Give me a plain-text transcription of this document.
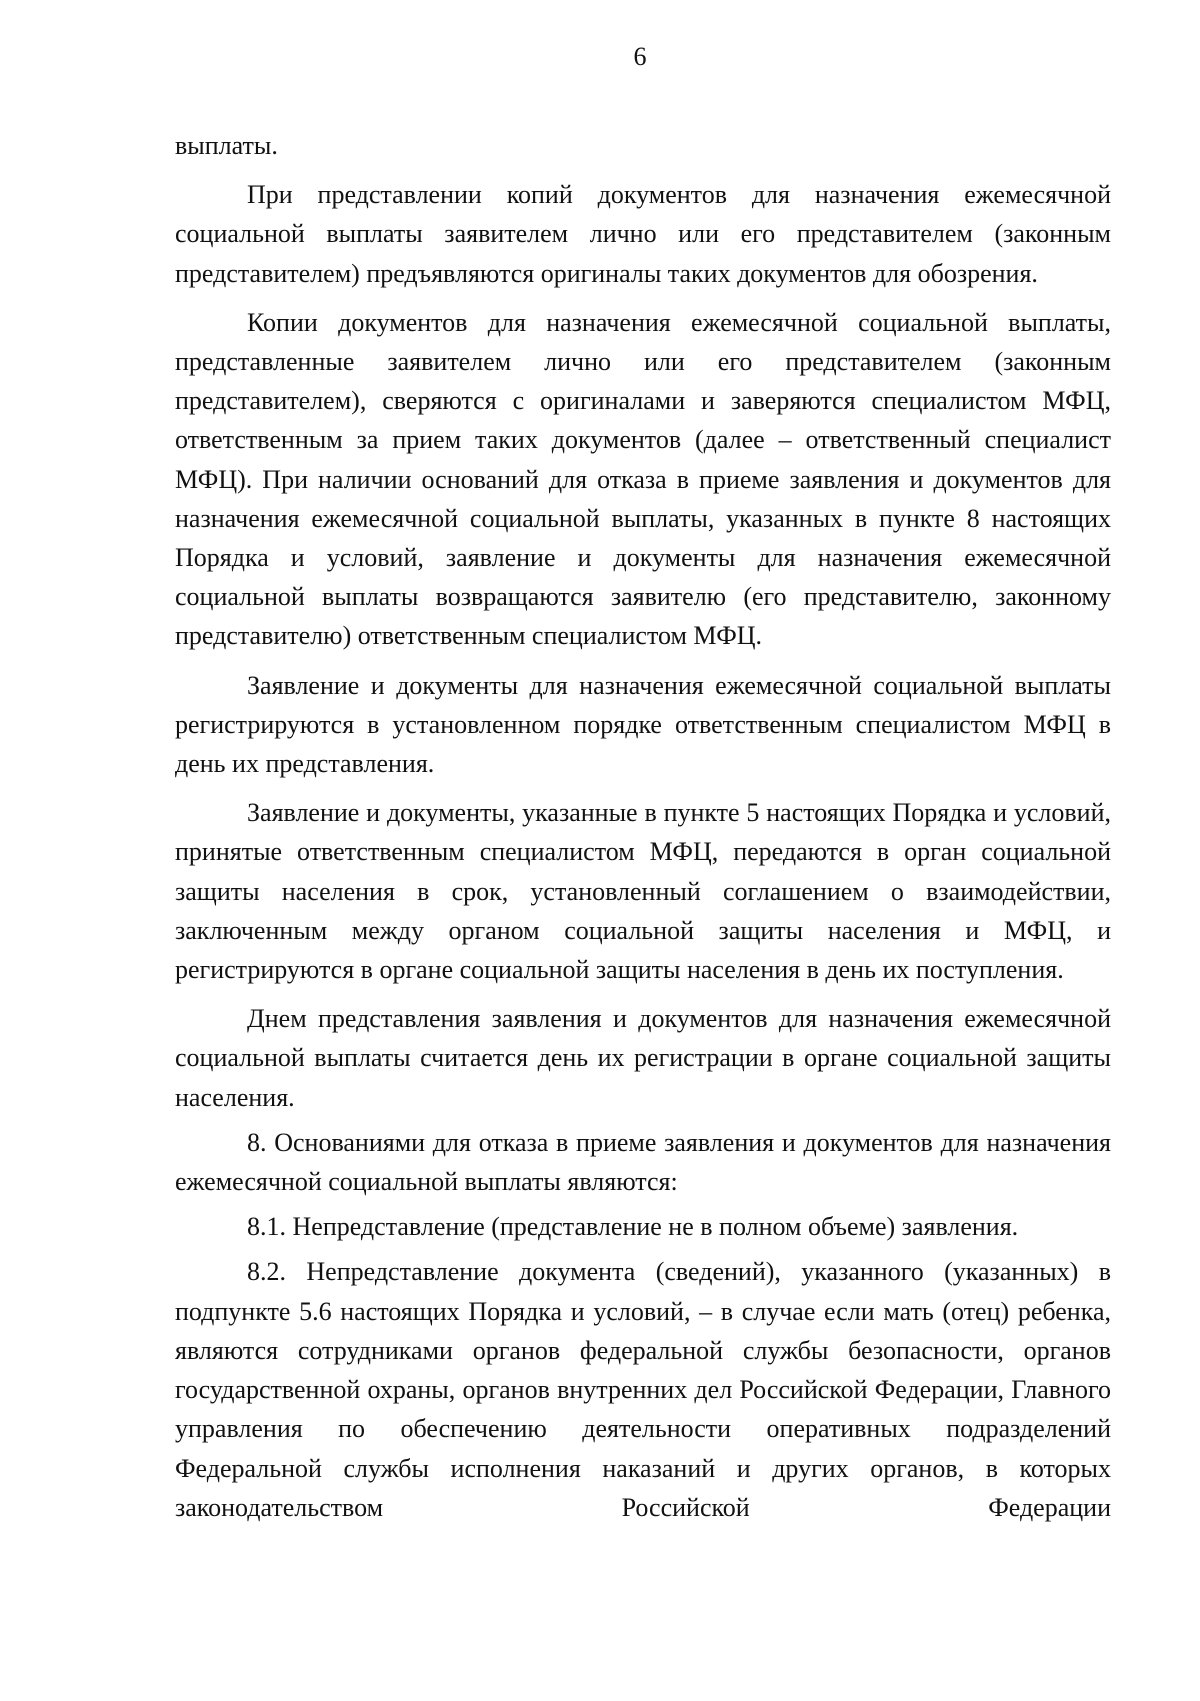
6

выплаты.

При представлении копий документов для назначения ежемесячной социальной выплаты заявителем лично или его представителем (законным представителем) предъявляются оригиналы таких документов для обозрения.

Копии документов для назначения ежемесячной социальной выплаты, представленные заявителем лично или его представителем (законным представителем), сверяются с оригиналами и заверяются специалистом МФЦ, ответственным за прием таких документов (далее – ответственный специалист МФЦ). При наличии оснований для отказа в приеме заявления и документов для назначения ежемесячной социальной выплаты, указанных в пункте 8 настоящих Порядка и условий, заявление и документы для назначения ежемесячной социальной выплаты возвращаются заявителю (его представителю, законному представителю) ответственным специалистом МФЦ.

Заявление и документы для назначения ежемесячной социальной выплаты регистрируются в установленном порядке ответственным специалистом МФЦ в день их представления.

Заявление и документы, указанные в пункте 5 настоящих Порядка и условий, принятые ответственным специалистом МФЦ, передаются в орган социальной защиты населения в срок, установленный соглашением о взаимодействии, заключенным между органом социальной защиты населения и МФЦ, и регистрируются в органе социальной защиты населения в день их поступления.

Днем представления заявления и документов для назначения ежемесячной социальной выплаты считается день их регистрации в органе социальной защиты населения.

8. Основаниями для отказа в приеме заявления и документов для назначения ежемесячной социальной выплаты являются:

8.1. Непредставление (представление не в полном объеме) заявления.

8.2. Непредставление документа (сведений), указанного (указанных) в подпункте 5.6 настоящих Порядка и условий, – в случае если мать (отец) ребенка, являются сотрудниками органов федеральной службы безопасности, органов государственной охраны, органов внутренних дел Российской Федерации, Главного управления по обеспечению деятельности оперативных подразделений Федеральной службы исполнения наказаний и других органов, в которых законодательством Российской Федерации
